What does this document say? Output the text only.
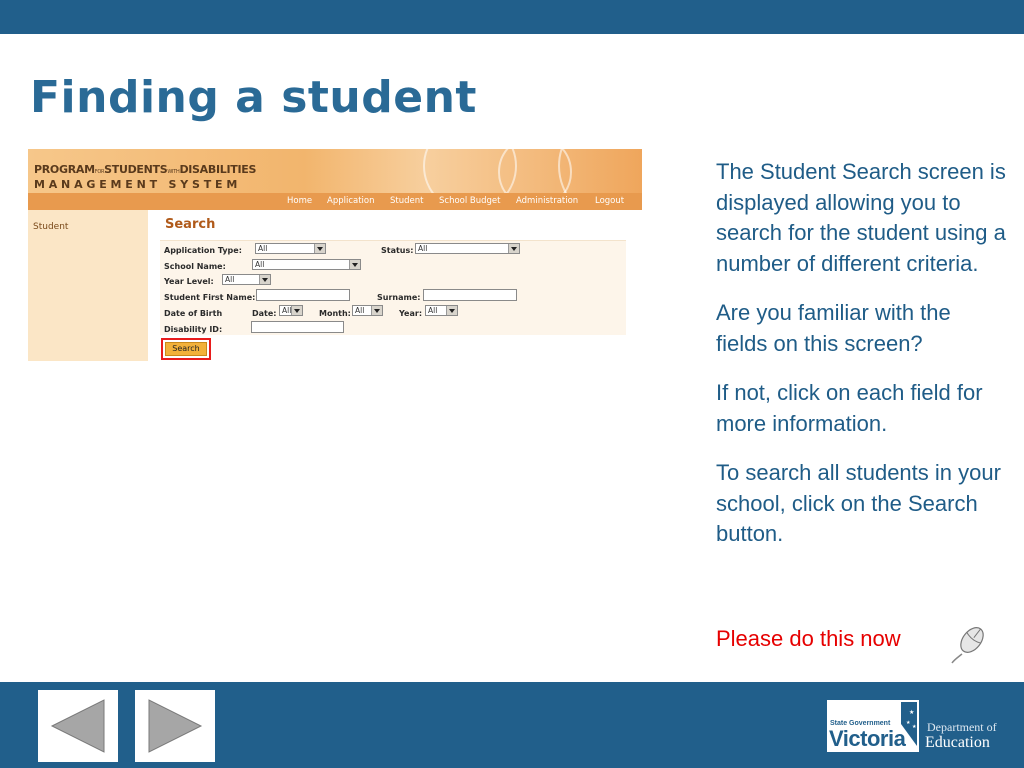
Finding a student
PROGRAMFORSTUDENTSWITHDISABILITIES
MANAGEMENT SYSTEM
Home Application Student School Budget Administration Logout
Student	Search
Application Type: All	Status: All
School Name:	All
Year Level: All
Student First Name:	Surname:
Date of Birth	Date: All	Month: All	Year: All
Disability ID:
Search

The Student Search screen is displayed allowing you to search for the student using a number of different criteria.

Are you familiar with the fields on this screen?

If not, click on each field for more information.

To search all students in your school, click on the Search button.

Please do this now
★
★
★
State Government
Victoria Department of
Education
